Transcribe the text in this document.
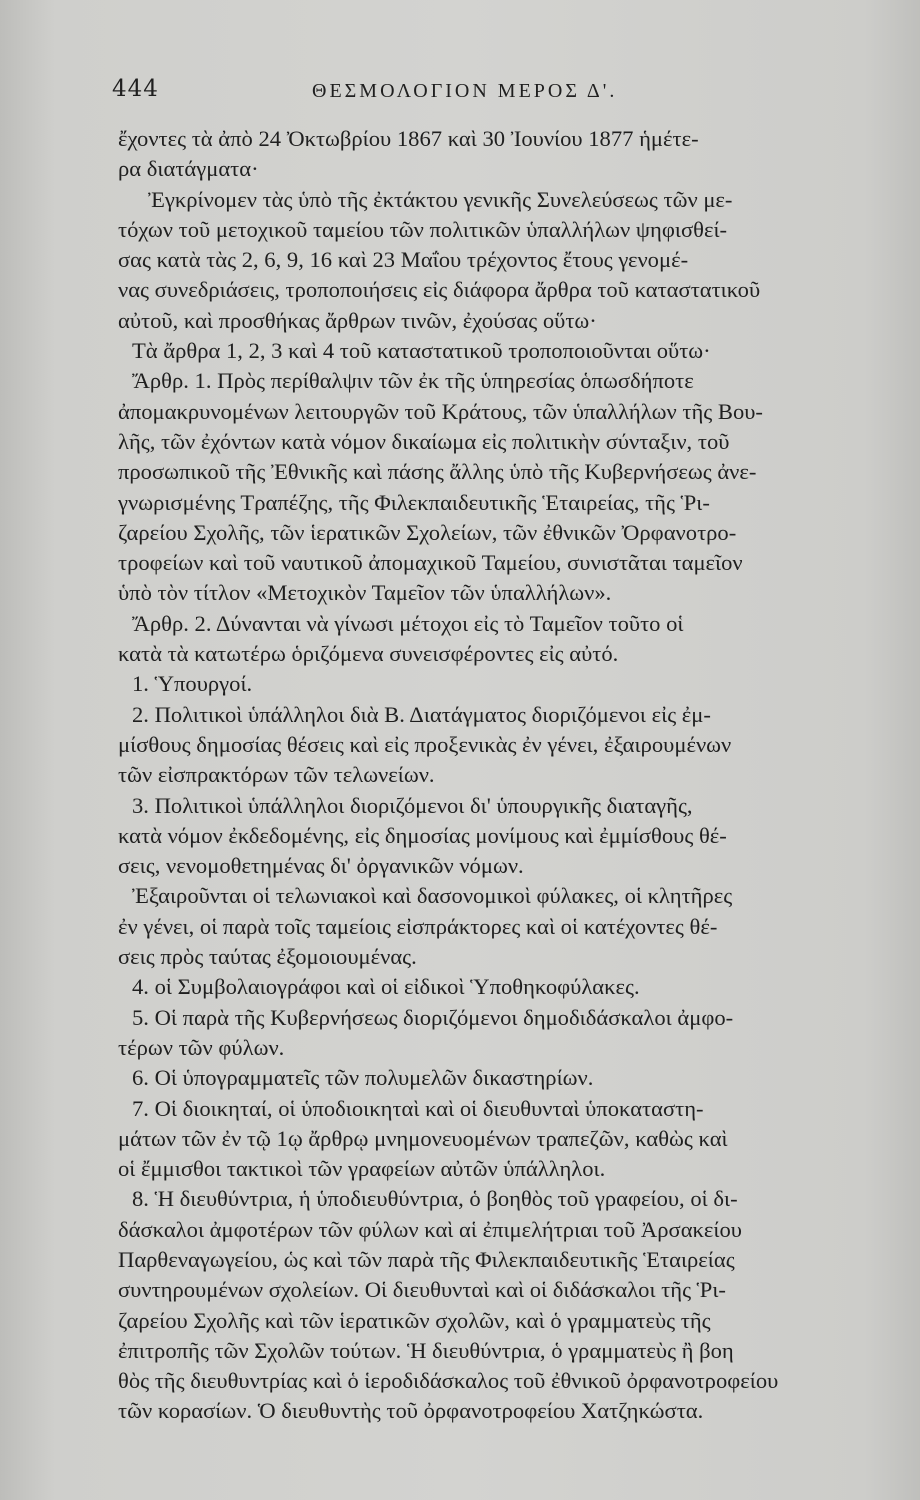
444	ΘΕΣΜΟΛΟΓΙΟΝ ΜΕΡΟΣ Δ'.
ἔχοντες τὰ ἀπὸ 24 Ὀκτωβρίου 1867 καὶ 30 Ἰουνίου 1877 ἡμέτε-
ρα διατάγματα·
Ἐγκρίνομεν τὰς ὑπὸ τῆς ἐκτάκτου γενικῆς Συνελεύσεως τῶν με-
τόχων τοῦ μετοχικοῦ ταμείου τῶν πολιτικῶν ὑπαλλήλων ψηφισθεί-
σας κατὰ τὰς 2, 6, 9, 16 καὶ 23 Μαΐου τρέχοντος ἔτους γενομέ-
νας συνεδριάσεις, τροποποιήσεις εἰς διάφορα ἄρθρα τοῦ καταστατικοῦ
αὐτοῦ, καὶ προσθήκας ἄρθρων τινῶν, ἐχούσας οὕτω·
Τὰ ἄρθρα 1, 2, 3 καὶ 4 τοῦ καταστατικοῦ τροποποιοῦνται οὕτω·
Ἄρθρ. 1. Πρὸς περίθαλψιν τῶν ἐκ τῆς ὑπηρεσίας ὁπωσδήποτε
ἀπομακρυνομένων λειτουργῶν τοῦ Κράτους, τῶν ὑπαλλήλων τῆς Βου-
λῆς, τῶν ἐχόντων κατὰ νόμον δικαίωμα εἰς πολιτικὴν σύνταξιν, τοῦ
προσωπικοῦ τῆς Ἐθνικῆς καὶ πάσης ἄλλης ὑπὸ τῆς Κυβερνήσεως ἀνε-
γνωρισμένης Τραπέζης, τῆς Φιλεκπαιδευτικῆς Ἑταιρείας, τῆς Ῥι-
ζαρείου Σχολῆς, τῶν ἱερατικῶν Σχολείων, τῶν ἐθνικῶν Ὀρφανοτρο-
τροφείων καὶ τοῦ ναυτικοῦ ἀπομαχικοῦ Ταμείου, συνιστᾶται ταμεῖον
ὑπὸ τὸν τίτλον «Μετοχικὸν Ταμεῖον τῶν ὑπαλλήλων».
Ἄρθρ. 2. Δύνανται νὰ γίνωσι μέτοχοι εἰς τὸ Ταμεῖον τοῦτο οἱ
κατὰ τὰ κατωτέρω ὁριζόμενα συνεισφέροντες εἰς αὐτό.
1. Ὑπουργοί.
2. Πολιτικοὶ ὑπάλληλοι διὰ Β. Διατάγματος διοριζόμενοι εἰς ἐμ-
μίσθους δημοσίας θέσεις καὶ εἰς προξενικὰς ἐν γένει, ἐξαιρουμένων
τῶν εἰσπρακτόρων τῶν τελωνείων.
3. Πολιτικοὶ ὑπάλληλοι διοριζόμενοι δι' ὑπουργικῆς διαταγῆς,
κατὰ νόμον ἐκδεδομένης, εἰς δημοσίας μονίμους καὶ ἐμμίσθους θέ-
σεις, νενομοθετημένας δι' ὀργανικῶν νόμων.
Ἐξαιροῦνται οἱ τελωνιακοὶ καὶ δασονομικοὶ φύλακες, οἱ κλητῆρες
ἐν γένει, οἱ παρὰ τοῖς ταμείοις εἰσπράκτορες καὶ οἱ κατέχοντες θέ-
σεις πρὸς ταύτας ἐξομοιουμένας.
4. οἱ Συμβολαιογράφοι καὶ οἱ εἰδικοὶ Ὑποθηκοφύλακες.
5. Οἱ παρὰ τῆς Κυβερνήσεως διοριζόμενοι δημοδιδάσκαλοι ἀμφο-
τέρων τῶν φύλων.
6. Οἱ ὑπογραμματεῖς τῶν πολυμελῶν δικαστηρίων.
7. Οἱ διοικηταί, οἱ ὑποδιοικηταὶ καὶ οἱ διευθυνταὶ ὑποκαταστη-
μάτων τῶν ἐν τῷ 1ῳ ἄρθρῳ μνημονευομένων τραπεζῶν, καθὼς καὶ
οἱ ἔμμισθοι τακτικοὶ τῶν γραφείων αὐτῶν ὑπάλληλοι.
8. Ἡ διευθύντρια, ἡ ὑποδιευθύντρια, ὁ βοηθὸς τοῦ γραφείου, οἱ δι-
δάσκαλοι ἀμφοτέρων τῶν φύλων καὶ αἱ ἐπιμελήτριαι τοῦ Ἀρσακείου
Παρθεναγωγείου, ὡς καὶ τῶν παρὰ τῆς Φιλεκπαιδευτικῆς Ἑταιρείας
συντηρουμένων σχολείων. Οἱ διευθυνταὶ καὶ οἱ διδάσκαλοι τῆς Ῥι-
ζαρείου Σχολῆς καὶ τῶν ἱερατικῶν σχολῶν, καὶ ὁ γραμματεὺς τῆς
ἐπιτροπῆς τῶν Σχολῶν τούτων. Ἡ διευθύντρια, ὁ γραμματεὺς ἢ βοη
θὸς τῆς διευθυντρίας καὶ ὁ ἱεροδιδάσκαλος τοῦ ἐθνικοῦ ὀρφανοτροφείου
τῶν κορασίων. Ὁ διευθυντὴς τοῦ ὀρφανοτροφείου Χατζηκώστα.
